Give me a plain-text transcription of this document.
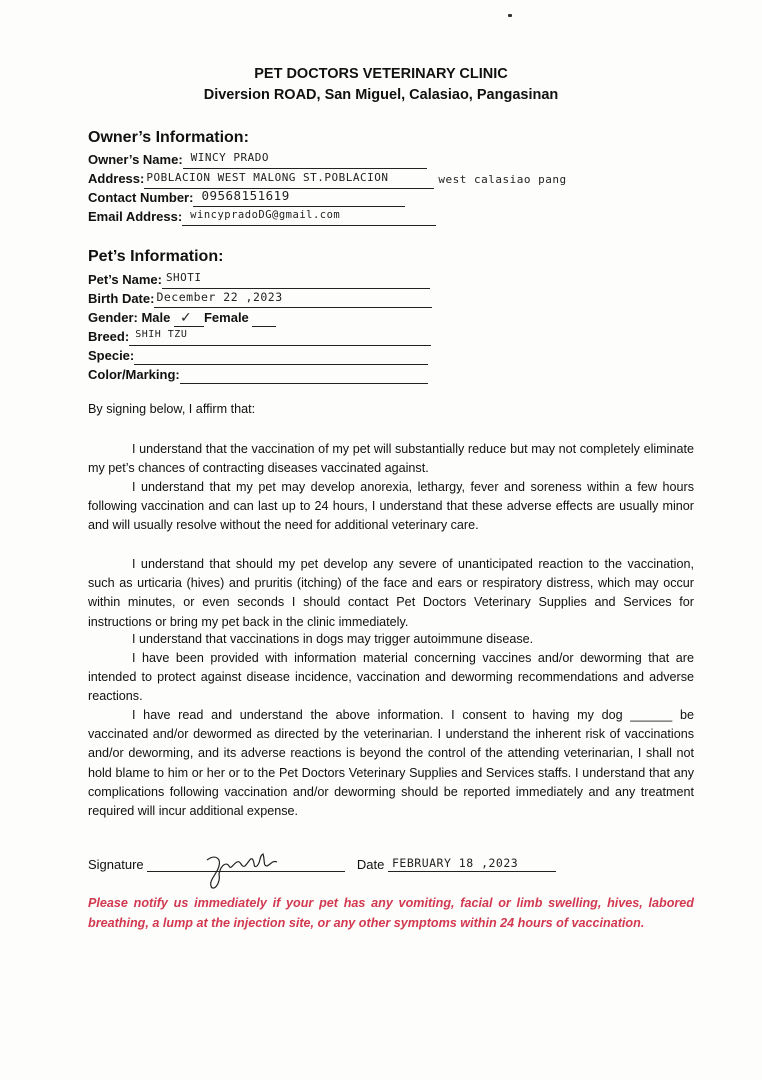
PET DOCTORS VETERINARY CLINIC
Diversion ROAD, San Miguel, Calasiao, Pangasinan
Owner’s Information:
Owner’s Name: WINCY PRADO
Address: POBLACION WEST MALONG ST.POBLACION	west calasiao pang
Contact Number: 09568151619
Email Address: wincypradoDG@gmail.com
Pet’s Information:
Pet’s Name: SHOTI
Birth Date: December 22 ,2023
Gender: Male ✓ Female
Breed: SHIH TZU
Specie:
Color/Marking:
By signing below, I affirm that:
I understand that the vaccination of my pet will substantially reduce but may not completely eliminate my pet’s chances of contracting diseases vaccinated against.
I understand that my pet may develop anorexia, lethargy, fever and soreness within a few hours following vaccination and can last up to 24 hours, I understand that these adverse effects are usually minor and will usually resolve without the need for additional veterinary care.
I understand that should my pet develop any severe of unanticipated reaction to the vaccination, such as urticaria (hives) and pruritis (itching) of the face and ears or respiratory distress, which may occur within minutes, or even seconds I should contact Pet Doctors Veterinary Supplies and Services for instructions or bring my pet back in the clinic immediately.
I understand that vaccinations in dogs may trigger autoimmune disease.
I have been provided with information material concerning vaccines and/or deworming that are intended to protect against disease incidence, vaccination and deworming recommendations and adverse reactions.
I have read and understand the above information. I consent to having my dog ______ be vaccinated and/or dewormed as directed by the veterinarian. I understand the inherent risk of vaccinations and/or deworming, and its adverse reactions is beyond the control of the attending veterinarian, I shall not hold blame to him or her or to the Pet Doctors Veterinary Supplies and Services staffs. I understand that any complications following vaccination and/or deworming should be reported immediately and any treatment required will incur additional expense.
Signature	Date FEBRUARY 18 ,2023
Please notify us immediately if your pet has any vomiting, facial or limb swelling, hives, labored breathing, a lump at the injection site, or any other symptoms within 24 hours of vaccination.
